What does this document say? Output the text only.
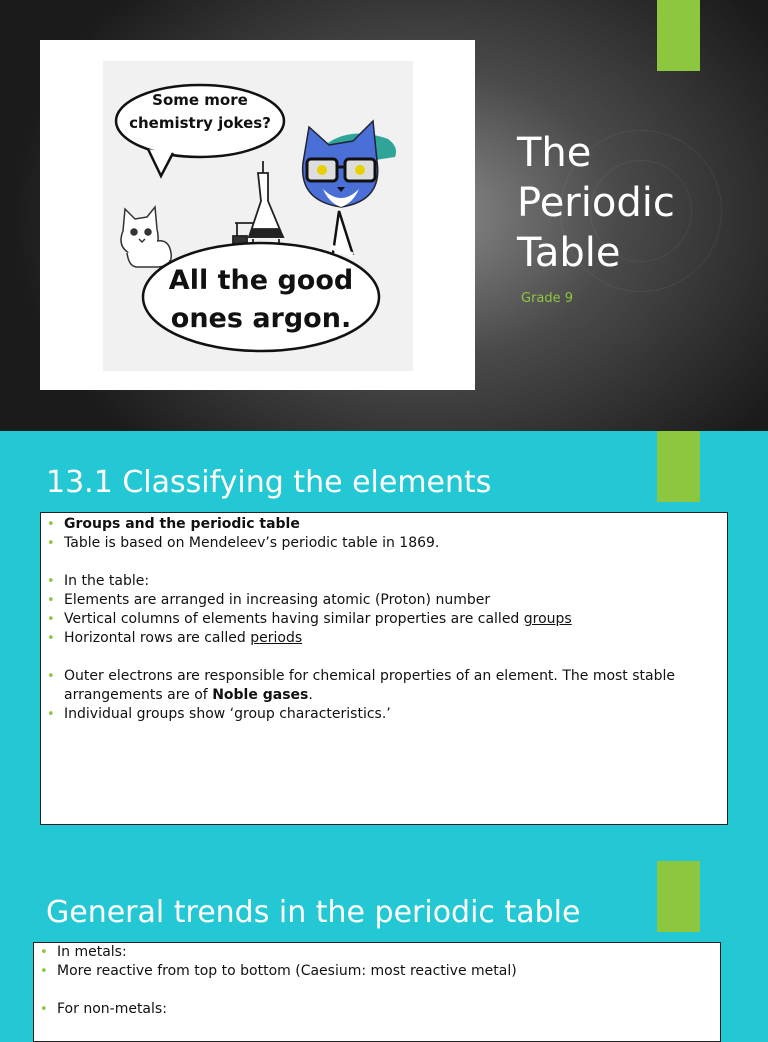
Some more
chemistry jokes?
All the good
ones argon.
The
Periodic
Table
Grade 9
13.1 Classifying the elements
• Groups and the periodic table
• Table is based on Mendeleev’s periodic table in 1869.
• In the table:
• Elements are arranged in increasing atomic (Proton) number
• Vertical columns of elements having similar properties are called groups
• Horizontal rows are called periods
• Outer electrons are responsible for chemical properties of an element. The most stable arrangements are of Noble gases.
• Individual groups show ‘group characteristics.’
General trends in the periodic table
• In metals:
• More reactive from top to bottom (Caesium: most reactive metal)
• For non-metals:
